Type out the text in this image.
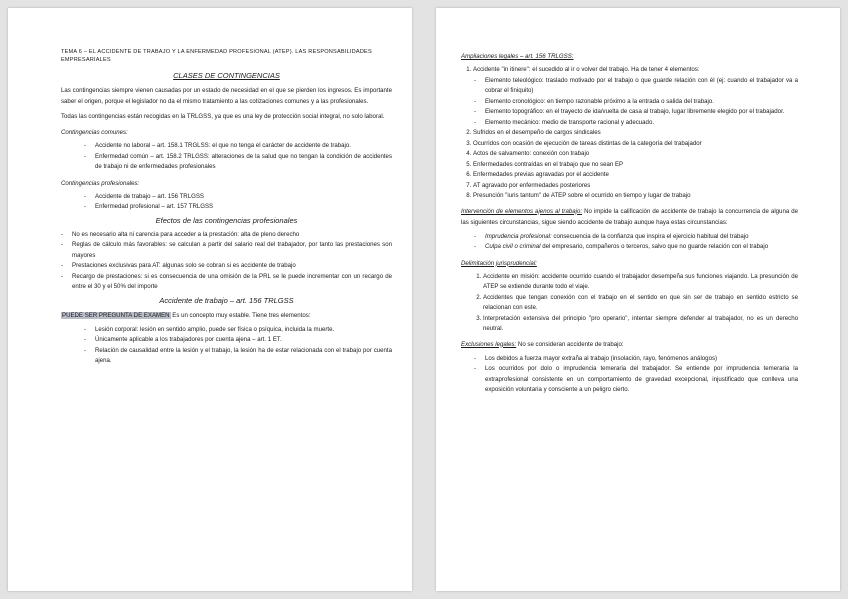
TEMA 6 – EL ACCIDENTE DE TRABAJO Y LA ENFERMEDAD PROFESIONAL (ATEP). LAS RESPONSABILIDADES EMPRESARIALES
CLASES DE CONTINGENCIAS

Las contingencias siempre vienen causadas por un estado de necesidad en el que se pierden los ingresos. Es importante saber el origen, porque el legislador no da el mismo tratamiento a las cotizaciones comunes y a las profesionales.

Todas las contingencias están recogidas en la TRLGSS, ya que es una ley de protección social integral, no solo laboral.

Contingencias comunes:
- Accidente no laboral – art. 158.1 TRGLSS: el que no tenga el carácter de accidente de trabajo.
- Enfermedad común – art. 158.2 TRLGSS: alteraciones de la salud que no tengan la condición de accidentes de trabajo ni de enfermedades profesionales
Contingencias profesionales:
- Accidente de trabajo – art. 156 TRLGSS
- Enfermedad profesional – art. 157 TRLGSS
Efectos de las contingencias profesionales
- No es necesario alta ni carencia para acceder a la prestación: alta de pleno derecho
- Reglas de cálculo más favorables: se calculan a partir del salario real del trabajador, por tanto las prestaciones son mayores
- Prestaciones exclusivas para AT: algunas solo se cobran si es accidente de trabajo
- Recargo de prestaciones: si es consecuencia de una omisión de la PRL se le puede incrementar con un recargo de entre el 30 y el 50% del importe
Accidente de trabajo – art. 156 TRLGSS

PUEDE SER PREGUNTA DE EXAMEN Es un concepto muy estable. Tiene tres elementos:

- Lesión corporal: lesión en sentido amplio, puede ser física o psíquica, incluida la muerte.
- Únicamente aplicable a los trabajadores por cuenta ajena – art. 1 ET.
- Relación de causalidad entre la lesión y el trabajo, la lesión ha de estar relacionada con el trabajo por cuenta ajena.
Ampliaciones legales – art. 156 TRLGSS:
1. Accidente "in itinere": el sucedido al ir o volver del trabajo. Ha de tener 4 elementos:
- Elemento teleológico: traslado motivado por el trabajo o que guarde relación con él (ej: cuando el trabajador va a cobrar el finiquito)
- Elemento cronológico: en tiempo razonable próximo a la entrada o salida del trabajo.
- Elemento topográfico: en el trayecto de ida/vuelta de casa al trabajo, lugar libremente elegido por el trabajador.
- Elemento mecánico: medio de transporte racional y adecuado.
2. Sufridos en el desempeño de cargos sindicales
3. Ocurridos con ocasión de ejecución de tareas distintas de la categoría del trabajador
4. Actos de salvamento: conexión con trabajo
5. Enfermedades contraídas en el trabajo que no sean EP
6. Enfermedades previas agravadas por el accidente
7. AT agravado por enfermedades posteriores
8. Presunción "iuris tantum" de ATEP sobre el ocurrido en tiempo y lugar de trabajo

Intervención de elementos ajenos al trabajo: No impide la calificación de accidente de trabajo la concurrencia de alguna de las siguientes circunstancias, sigue siendo accidente de trabajo aunque haya estas circunstancias:

- Imprudencia profesional: consecuencia de la confianza que inspira el ejercicio habitual del trabajo
- Culpa civil o criminal del empresario, compañeros o terceros, salvo que no guarde relación con el trabajo
Delimitación jurisprudencial:
1. Accidente en misión: accidente ocurrido cuando el trabajador desempeña sus funciones viajando. La presunción de ATEP se extiende durante todo el viaje.
2. Accidentes que tengan conexión con el trabajo en el sentido en que sin ser de trabajo en sentido estricto se relacionan con este.
3. Interpretación extensiva del principio "pro operario", intentar siempre defender al trabajador, no es un derecho neutral.

Exclusiones legales: No se consideran accidente de trabajo:

- Los debidos a fuerza mayor extraña al trabajo (insolación, rayo, fenómenos análogos)
- Los ocurridos por dolo o imprudencia temeraria del trabajador. Se entiende por imprudencia temeraria la extraprofesional consistente en un comportamiento de gravedad excepcional, injustificado que conlleva una exposición voluntaria y consciente a un peligro cierto.
